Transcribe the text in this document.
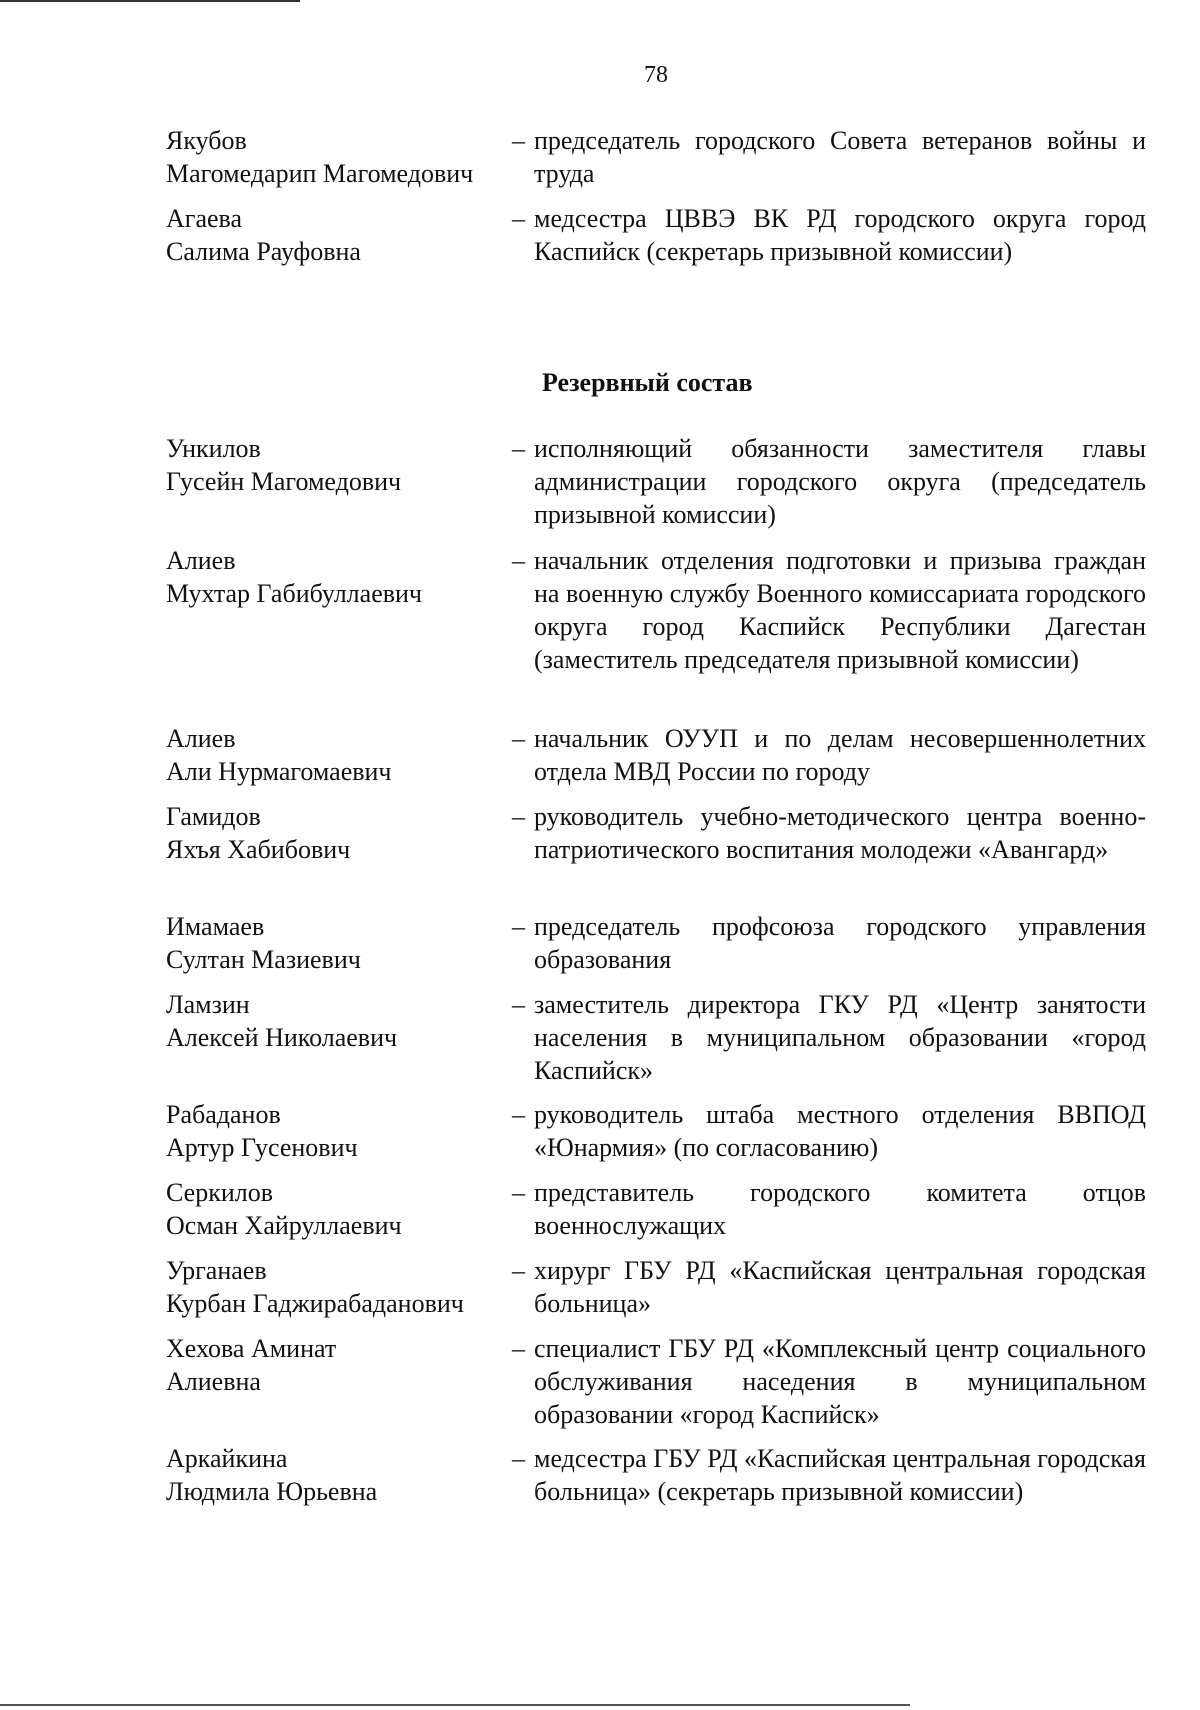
78
Якубов
Магомедарип Магомедович
– председатель городского Совета ветеранов войны и труда
Агаева
Салима Рауфовна
– медсестра ЦВВЭ ВК РД городского округа город Каспийск (секретарь призывной комиссии)
Резервный состав
Ункилов
Гусейн Магомедович
– исполняющий обязанности заместителя главы администрации городского округа (председатель призывной комиссии)
Алиев
Мухтар Габибуллаевич
– начальник отделения подготовки и призыва граждан на военную службу Военного комиссариата городского округа город Каспийск Республики Дагестан (заместитель председателя призывной комиссии)
Алиев
Али Нурмагомаевич
– начальник ОУУП и по делам несовершеннолетних отдела МВД России по городу
Гамидов
Яхъя Хабибович
– руководитель учебно-методического центра военно-патриотического воспитания молодежи «Авангард»
Имамаев
Султан Мазиевич
– председатель профсоюза городского управления образования
Ламзин
Алексей Николаевич
– заместитель директора ГКУ РД «Центр занятости населения в муниципальном образовании «город Каспийск»
Рабаданов
Артур Гусенович
– руководитель штаба местного отделения ВВПОД «Юнармия» (по согласованию)
Серкилов
Осман Хайруллаевич
– представитель городского комитета отцов военнослужащих
Урганаев
Курбан Гаджирабаданович
– хирург ГБУ РД «Каспийская центральная городская больница»
Хехова Аминат
Алиевна
– специалист ГБУ РД «Комплексный центр социального обслуживания наседения в муниципальном образовании «город Каспийск»
Аркайкина
Людмила Юрьевна
– медсестра ГБУ РД «Каспийская центральная городская больница» (секретарь призывной комиссии)
